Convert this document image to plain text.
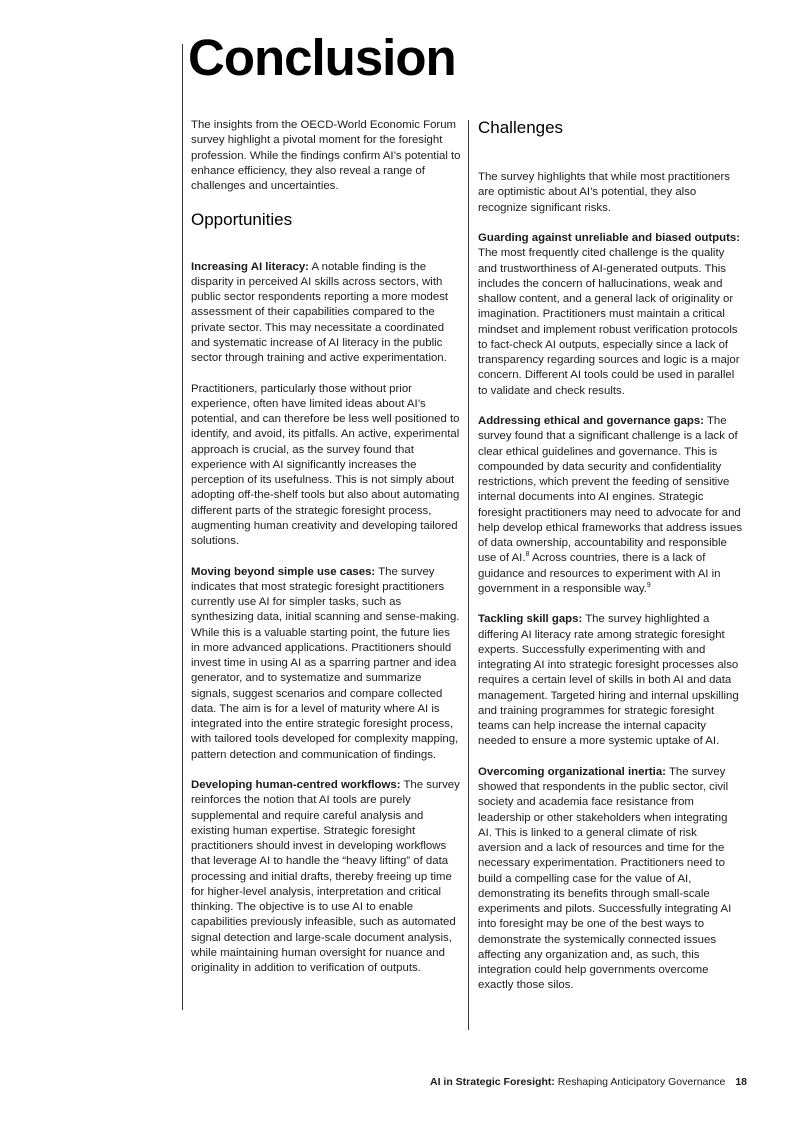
Conclusion

The insights from the OECD-World Economic Forum survey highlight a pivotal moment for the foresight profession. While the findings confirm AI’s potential to enhance efficiency, they also reveal a range of challenges and uncertainties.

Opportunities

Increasing AI literacy: A notable finding is the disparity in perceived AI skills across sectors, with public sector respondents reporting a more modest assessment of their capabilities compared to the private sector. This may necessitate a coordinated and systematic increase of AI literacy in the public sector through training and active experimentation.

Practitioners, particularly those without prior experience, often have limited ideas about AI’s potential, and can therefore be less well positioned to identify, and avoid, its pitfalls. An active, experimental approach is crucial, as the survey found that experience with AI significantly increases the perception of its usefulness. This is not simply about adopting off-the-shelf tools but also about automating different parts of the strategic foresight process, augmenting human creativity and developing tailored solutions.

Moving beyond simple use cases: The survey indicates that most strategic foresight practitioners currently use AI for simpler tasks, such as synthesizing data, initial scanning and sense-making. While this is a valuable starting point, the future lies in more advanced applications. Practitioners should invest time in using AI as a sparring partner and idea generator, and to systematize and summarize signals, suggest scenarios and compare collected data. The aim is for a level of maturity where AI is integrated into the entire strategic foresight process, with tailored tools developed for complexity mapping, pattern detection and communication of findings.

Developing human-centred workflows: The survey reinforces the notion that AI tools are purely supplemental and require careful analysis and existing human expertise. Strategic foresight practitioners should invest in developing workflows that leverage AI to handle the “heavy lifting” of data processing and initial drafts, thereby freeing up time for higher-level analysis, interpretation and critical thinking. The objective is to use AI to enable capabilities previously infeasible, such as automated signal detection and large-scale document analysis, while maintaining human oversight for nuance and originality in addition to verification of outputs.

Challenges

The survey highlights that while most practitioners are optimistic about AI’s potential, they also recognize significant risks.

Guarding against unreliable and biased outputs: The most frequently cited challenge is the quality and trustworthiness of AI-generated outputs. This includes the concern of hallucinations, weak and shallow content, and a general lack of originality or imagination. Practitioners must maintain a critical mindset and implement robust verification protocols to fact-check AI outputs, especially since a lack of transparency regarding sources and logic is a major concern. Different AI tools could be used in parallel to validate and check results.

Addressing ethical and governance gaps: The survey found that a significant challenge is a lack of clear ethical guidelines and governance. This is compounded by data security and confidentiality restrictions, which prevent the feeding of sensitive internal documents into AI engines. Strategic foresight practitioners may need to advocate for and help develop ethical frameworks that address issues of data ownership, accountability and responsible use of AI.$^8$ Across countries, there is a lack of guidance and resources to experiment with AI in government in a responsible way.$^9$

Tackling skill gaps: The survey highlighted a differing AI literacy rate among strategic foresight experts. Successfully experimenting with and integrating AI into strategic foresight processes also requires a certain level of skills in both AI and data management. Targeted hiring and internal upskilling and training programmes for strategic foresight teams can help increase the internal capacity needed to ensure a more systemic uptake of AI.

Overcoming organizational inertia: The survey showed that respondents in the public sector, civil society and academia face resistance from leadership or other stakeholders when integrating AI. This is linked to a general climate of risk aversion and a lack of resources and time for the necessary experimentation. Practitioners need to build a compelling case for the value of AI, demonstrating its benefits through small-scale experiments and pilots. Successfully integrating AI into foresight may be one of the best ways to demonstrate the systemically connected issues affecting any organization and, as such, this integration could help governments overcome exactly those silos.

AI in Strategic Foresight: Reshaping Anticipatory Governance 18
